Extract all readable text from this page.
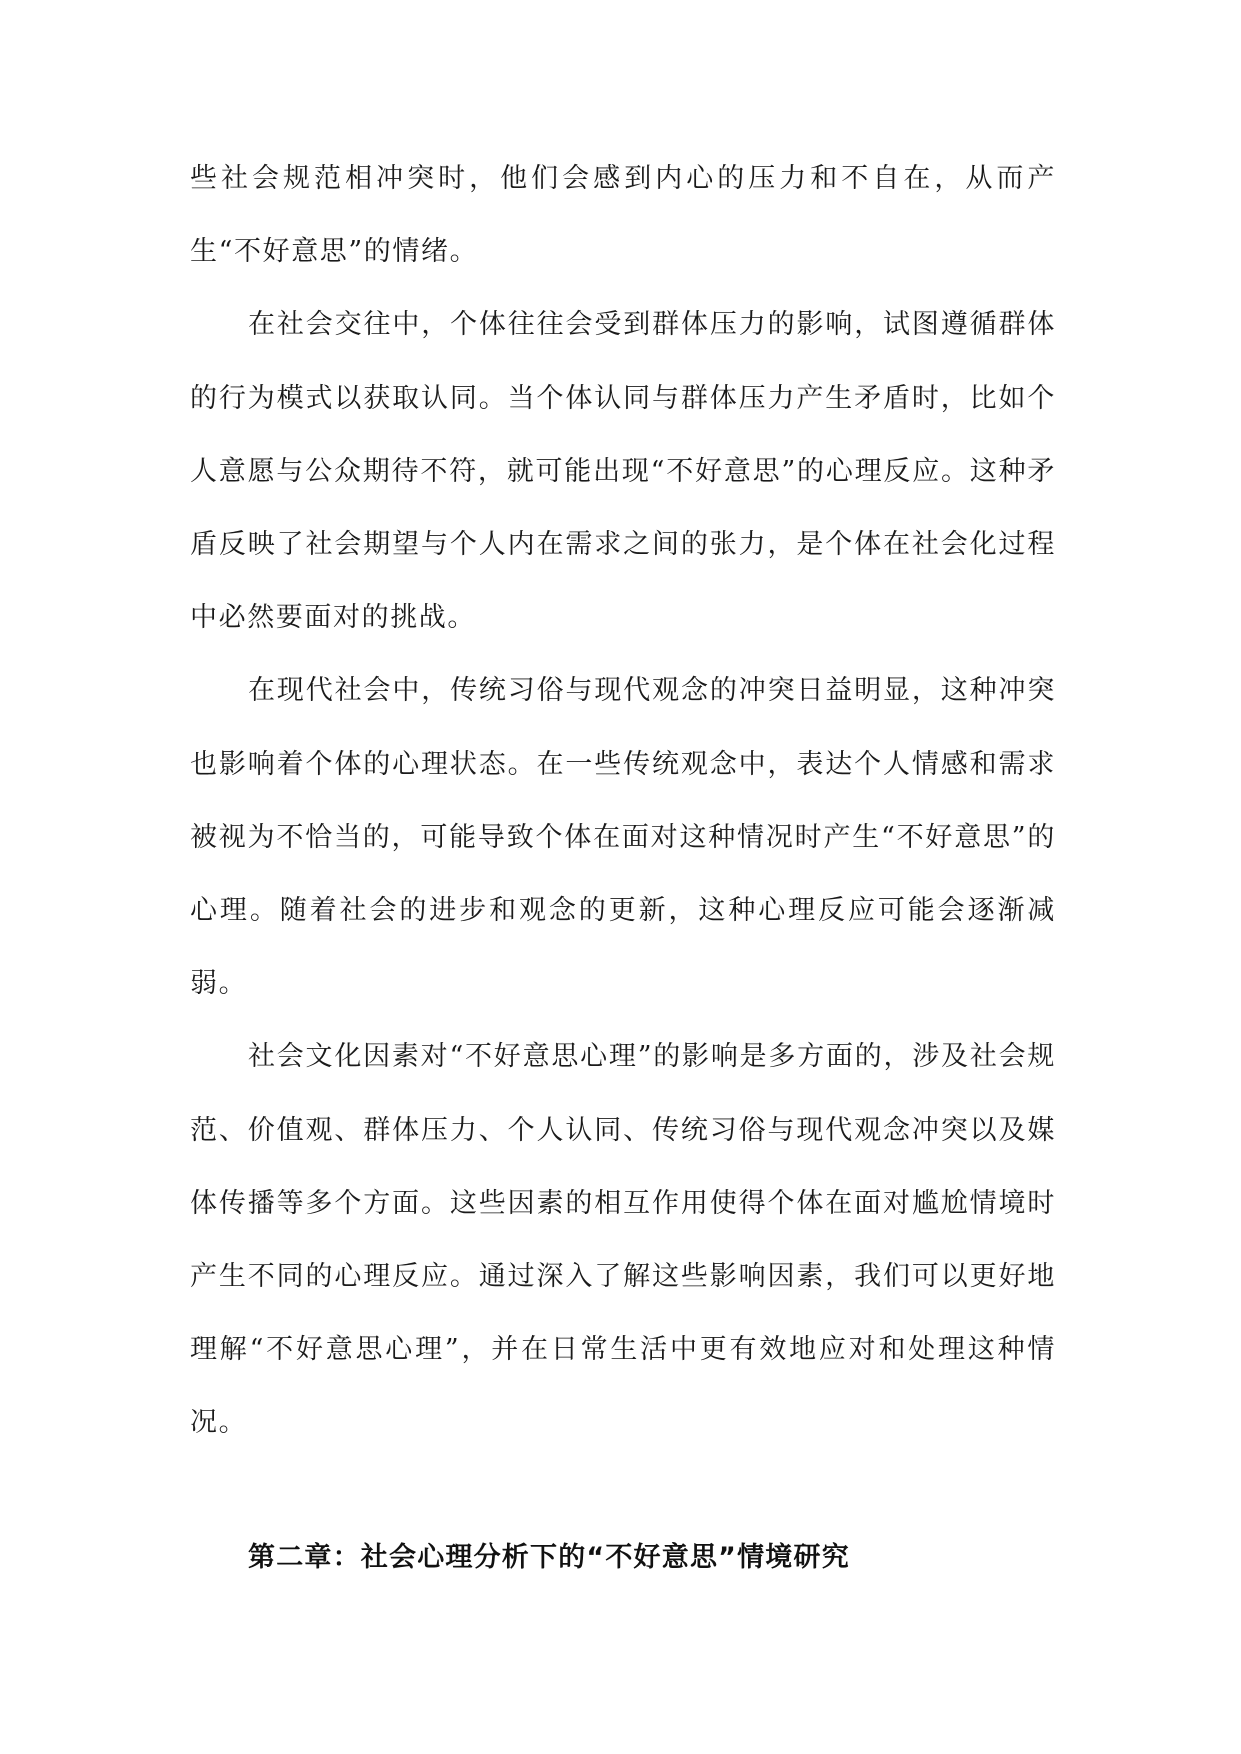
些社会规范相冲突时，他们会感到内心的压力和不自在，从而产生“不好意思”的情绪。

在社会交往中，个体往往会受到群体压力的影响，试图遵循群体的行为模式以获取认同。当个体认同与群体压力产生矛盾时，比如个人意愿与公众期待不符，就可能出现“不好意思”的心理反应。这种矛盾反映了社会期望与个人内在需求之间的张力，是个体在社会化过程中必然要面对的挑战。

在现代社会中，传统习俗与现代观念的冲突日益明显，这种冲突也影响着个体的心理状态。在一些传统观念中，表达个人情感和需求被视为不恰当的，可能导致个体在面对这种情况时产生“不好意思”的心理。随着社会的进步和观念的更新，这种心理反应可能会逐渐减弱。

社会文化因素对“不好意思心理”的影响是多方面的，涉及社会规范、价值观、群体压力、个人认同、传统习俗与现代观念冲突以及媒体传播等多个方面。这些因素的相互作用使得个体在面对尴尬情境时产生不同的心理反应。通过深入了解这些影响因素，我们可以更好地理解“不好意思心理”，并在日常生活中更有效地应对和处理这种情况。

第二章：社会心理分析下的“不好意思”情境研究
